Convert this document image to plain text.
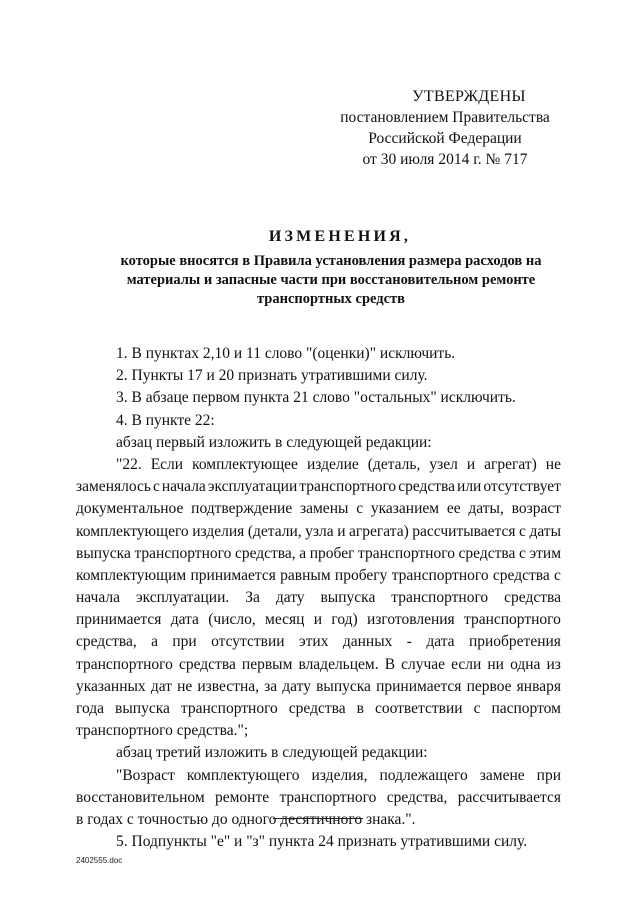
УТВЕРЖДЕНЫ
постановлением Правительства
Российской Федерации
от 30 июля 2014 г. № 717
ИЗМЕНЕНИЯ,
которые вносятся в Правила установления размера расходов на
материалы и запасные части при восстановительном ремонте
транспортных средств
1. В пунктах 2,10 и 11 слово "(оценки)" исключить.
2. Пункты 17 и 20 признать утратившими силу.
3. В абзаце первом пункта 21 слово "остальных" исключить.
4. В пункте 22:
абзац первый изложить в следующей редакции:
"22. Если комплектующее изделие (деталь, узел и агрегат) не
заменялось с начала эксплуатации транспортного средства или отсутствует
документальное подтверждение замены с указанием ее даты, возраст
комплектующего изделия (детали, узла и агрегата) рассчитывается с даты
выпуска транспортного средства, а пробег транспортного средства с этим
комплектующим принимается равным пробегу транспортного средства с
начала эксплуатации. За дату выпуска транспортного средства
принимается дата (число, месяц и год) изготовления транспортного
средства, а при отсутствии этих данных - дата приобретения
транспортного средства первым владельцем. В случае если ни одна из
указанных дат не известна, за дату выпуска принимается первое января
года выпуска транспортного средства в соответствии с паспортом
транспортного средства.";
абзац третий изложить в следующей редакции:
"Возраст комплектующего изделия, подлежащего замене при
восстановительном ремонте транспортного средства, рассчитывается
в годах с точностью до одного десятичного знака.".
5. Подпункты "е" и "з" пункта 24 признать утратившими силу.
2402555.doc
